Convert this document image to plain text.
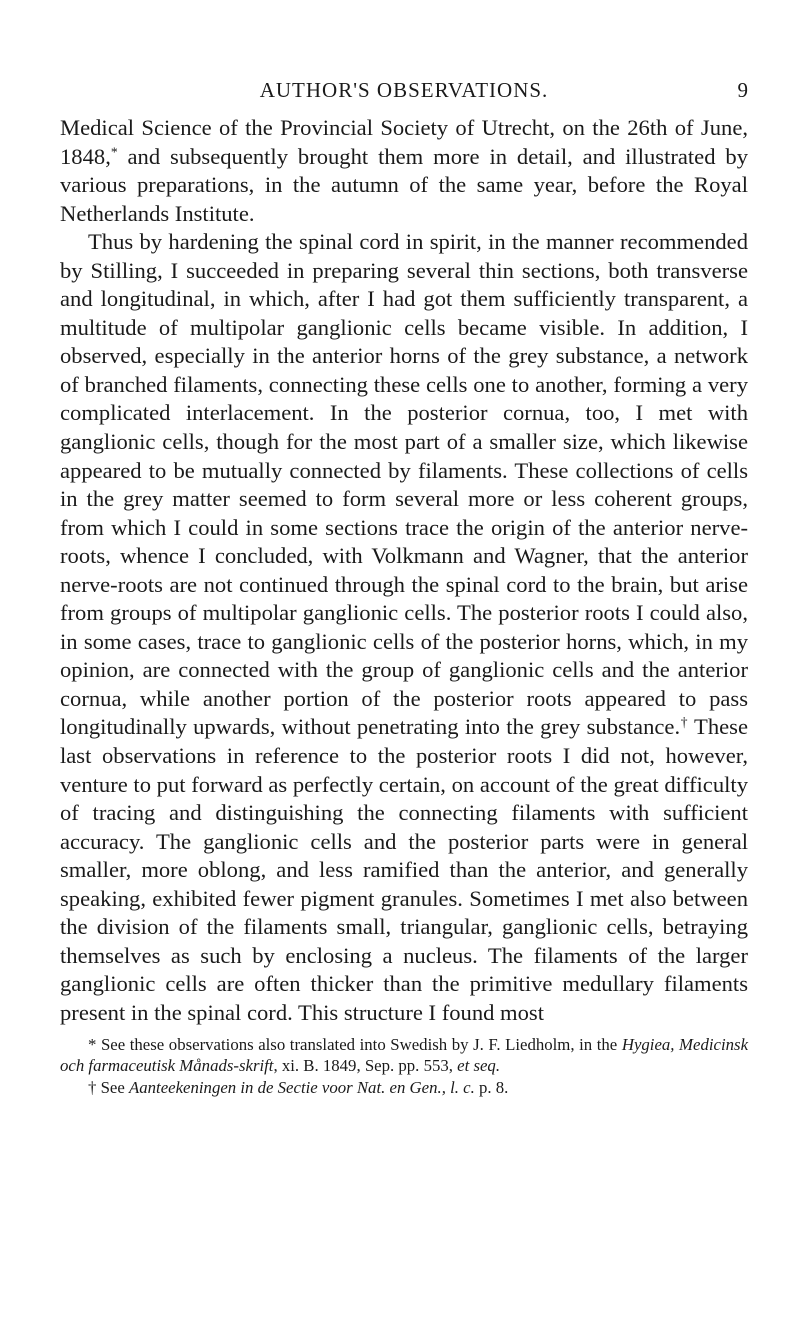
AUTHOR'S OBSERVATIONS.	9

Medical Science of the Provincial Society of Utrecht, on the 26th of June, 1848,* and subsequently brought them more in detail, and illustrated by various preparations, in the autumn of the same year, before the Royal Netherlands Institute.

Thus by hardening the spinal cord in spirit, in the manner recommended by Stilling, I succeeded in preparing several thin sections, both transverse and longitudinal, in which, after I had got them sufficiently transparent, a multitude of multipolar ganglionic cells became visible. In addition, I observed, especially in the anterior horns of the grey substance, a network of branched filaments, connecting these cells one to another, forming a very complicated interlacement. In the posterior cornua, too, I met with ganglionic cells, though for the most part of a smaller size, which likewise appeared to be mutually connected by filaments. These collections of cells in the grey matter seemed to form several more or less coherent groups, from which I could in some sections trace the origin of the anterior nerve-roots, whence I concluded, with Volkmann and Wagner, that the anterior nerve-roots are not continued through the spinal cord to the brain, but arise from groups of multipolar ganglionic cells. The posterior roots I could also, in some cases, trace to ganglionic cells of the posterior horns, which, in my opinion, are connected with the group of ganglionic cells and the anterior cornua, while another portion of the posterior roots appeared to pass longitudinally upwards, without penetrating into the grey substance.† These last observations in reference to the posterior roots I did not, however, venture to put forward as perfectly certain, on account of the great difficulty of tracing and distinguishing the connecting filaments with sufficient accuracy. The ganglionic cells and the posterior parts were in general smaller, more oblong, and less ramified than the anterior, and generally speaking, exhibited fewer pigment granules. Sometimes I met also between the division of the filaments small, triangular, ganglionic cells, betraying themselves as such by enclosing a nucleus. The filaments of the larger ganglionic cells are often thicker than the primitive medullary filaments present in the spinal cord. This structure I found most

* See these observations also translated into Swedish by J. F. Liedholm, in the Hygiea, Medicinsk och farmaceutisk Månads-skrift, xi. B. 1849, Sep. pp. 553, et seq.

† See Aanteekeningen in de Sectie voor Nat. en Gen., l. c. p. 8.
